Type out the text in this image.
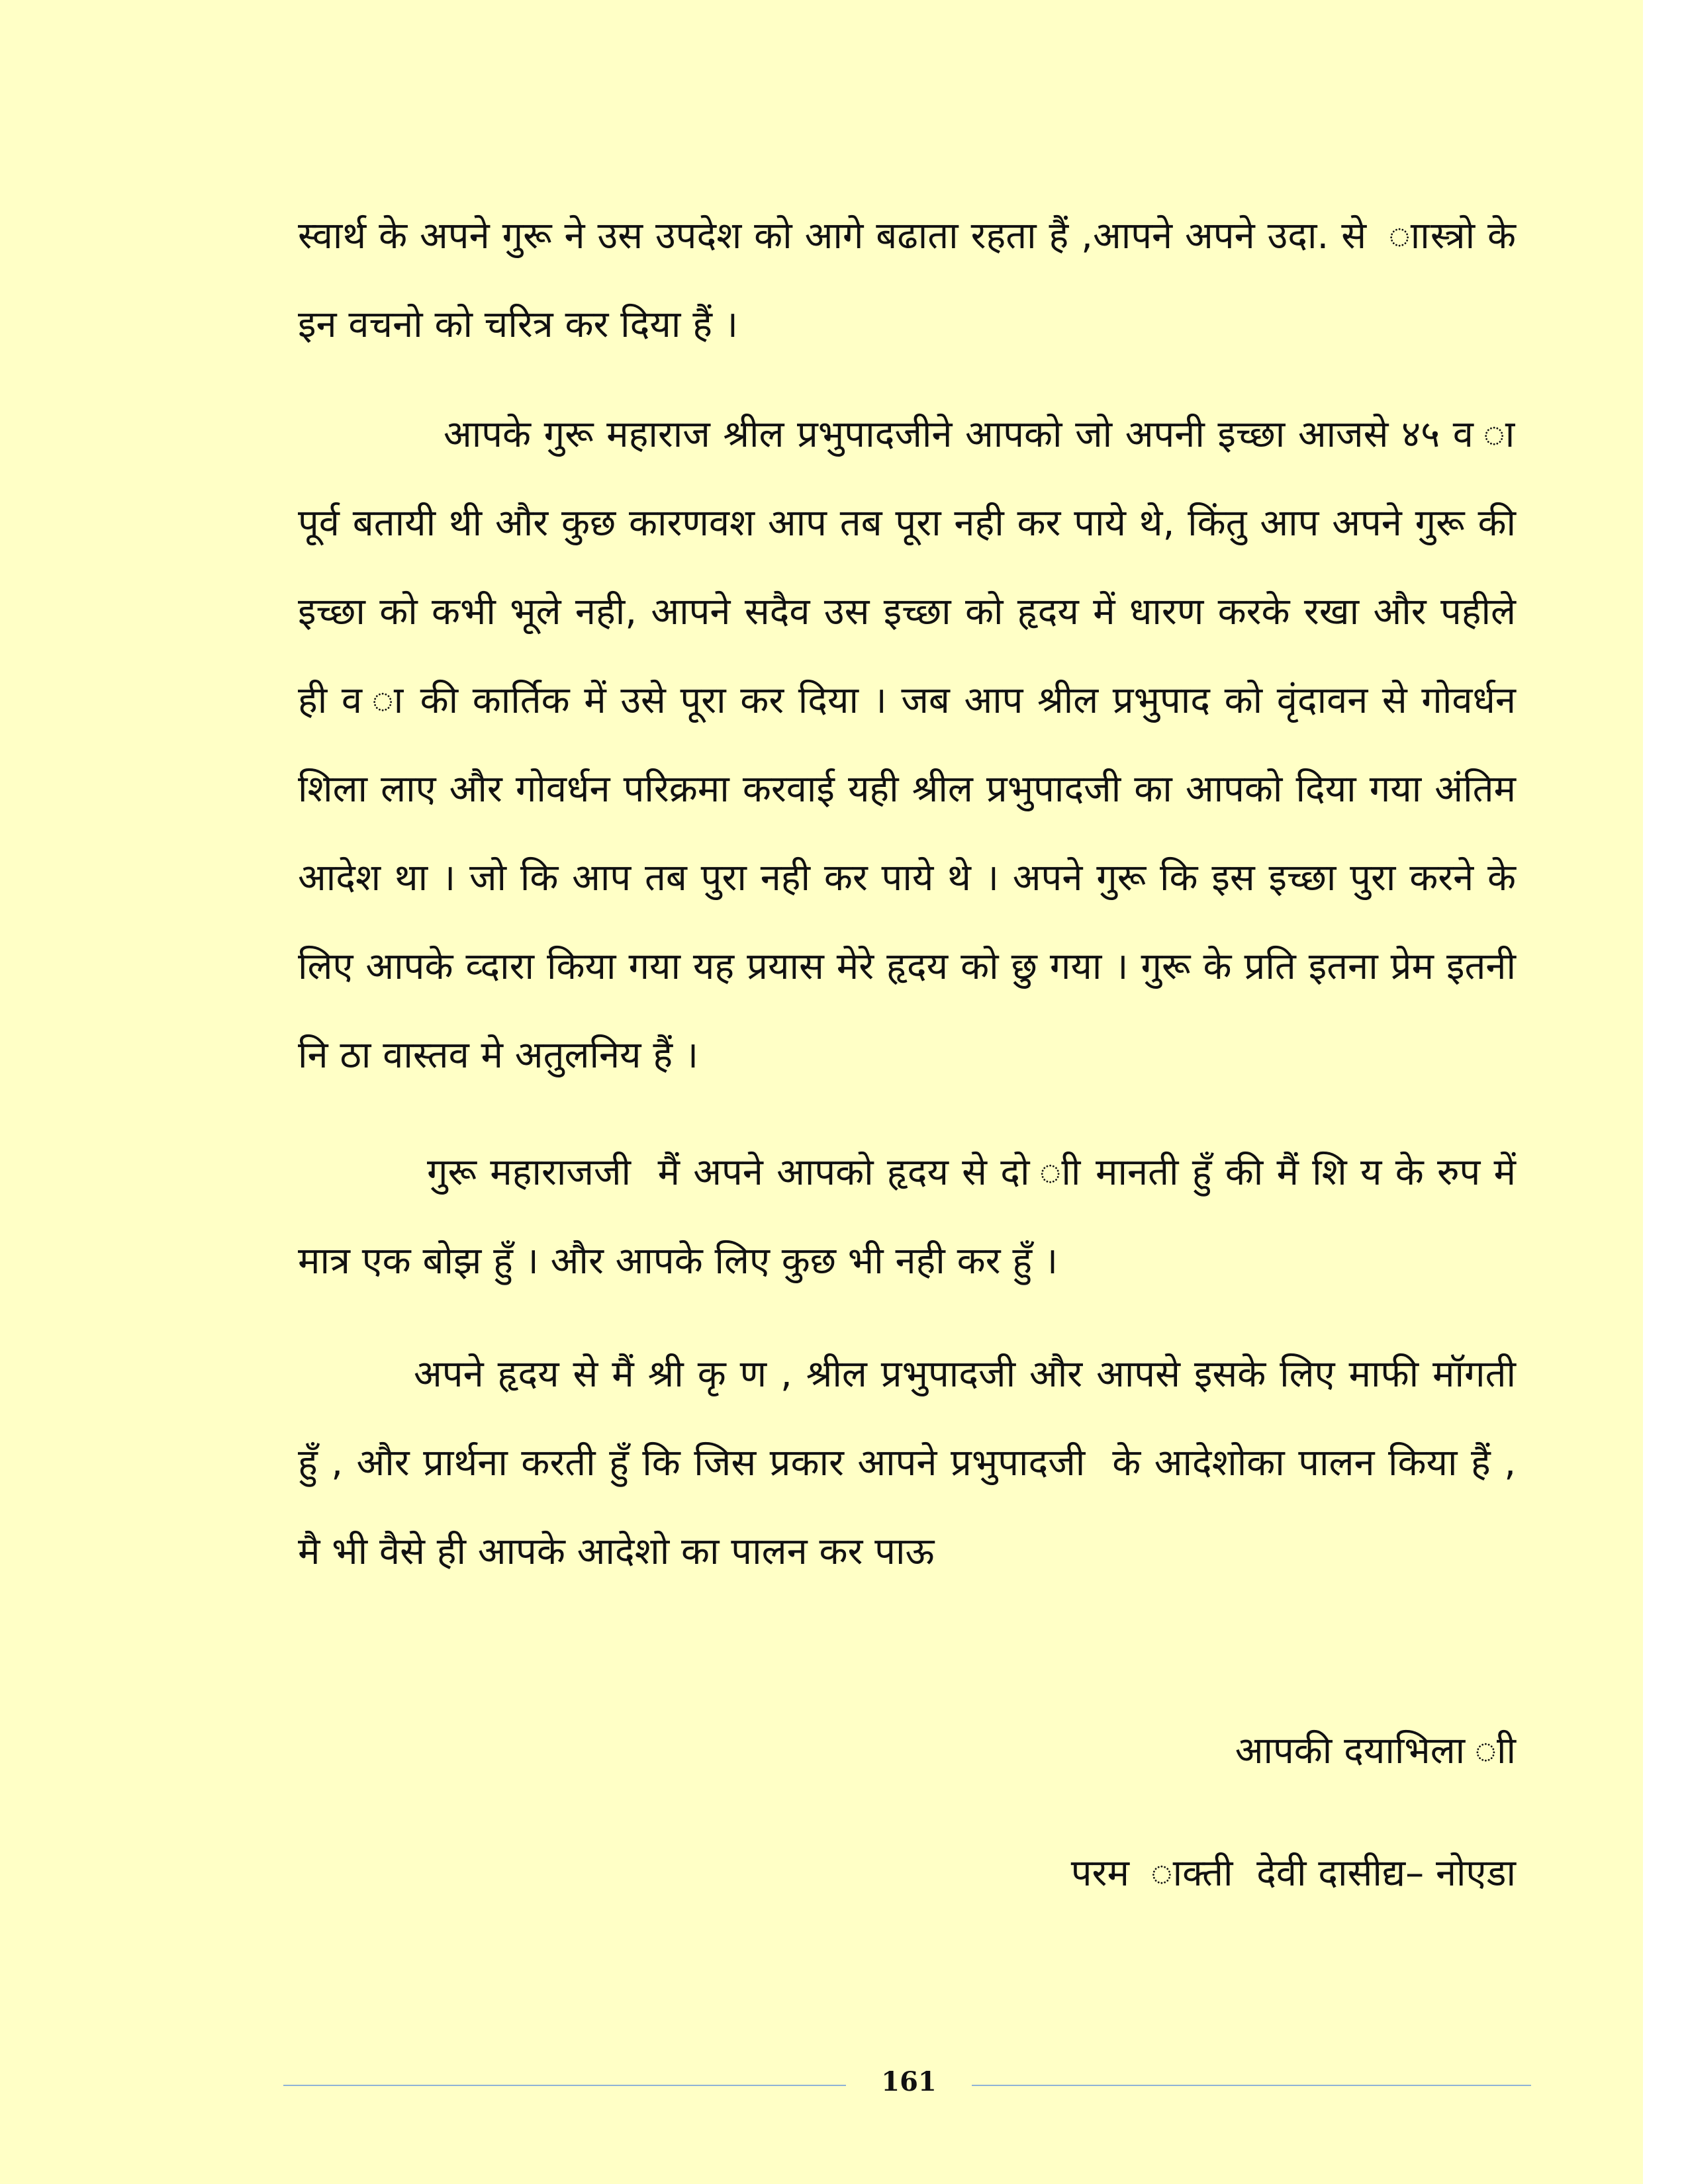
स्वार्थ के अपने गुरू ने उस उपदेश को आगे बढाता रहता हैं ,आपने अपने उदा. से  ाास्त्रो के इन वचनो को चरित्र कर दिया हैं ।

आपके गुरू महाराज श्रील प्रभुपादजीने आपको जो अपनी इच्छा आजसे ४५ व ा पूर्व बतायी थी और कुछ कारणवश आप तब पूरा नही कर पाये थे, किंतु आप अपने गुरू की इच्छा को कभी भूले नही, आपने सदैव उस इच्छा को हृदय में धारण करके रखा और पहीले ही व ा की कार्तिक में उसे पूरा कर दिया । जब आप श्रील प्रभुपाद को वृंदावन से गोवर्धन शिला लाए और गोवर्धन परिक्रमा करवाई यही श्रील प्रभुपादजी का आपको दिया गया अंतिम आदेश था । जो कि आप तब पुरा नही कर पाये थे । अपने गुरू कि इस इच्छा पुरा करने के लिए आपके व्दारा किया गया यह प्रयास मेरे हृदय को छु गया । गुरू के प्रति इतना प्रेम इतनी नि ठा वास्तव मे अतुलनिय हैं ।

गुरू महाराजजी  मैं अपने आपको हृदय से दो ाी मानती हुँ की मैं शि य के रुप में मात्र एक बोझ हुँ । और आपके लिए कुछ भी नही कर हुँ ।

अपने हृदय से मैं श्री कृ ण , श्रील प्रभुपादजी और आपसे इसके लिए माफी मॉगती हुँ , और प्रार्थना करती हुँ कि जिस प्रकार आपने प्रभुपादजी  के आदेशोका पालन किया हैं , मै भी वैसे ही आपके आदेशो का पालन कर पाऊ

आपकी दयाभिला ाी
परम  ाक्ती  देवी दासीद्य– नोएडा
161
